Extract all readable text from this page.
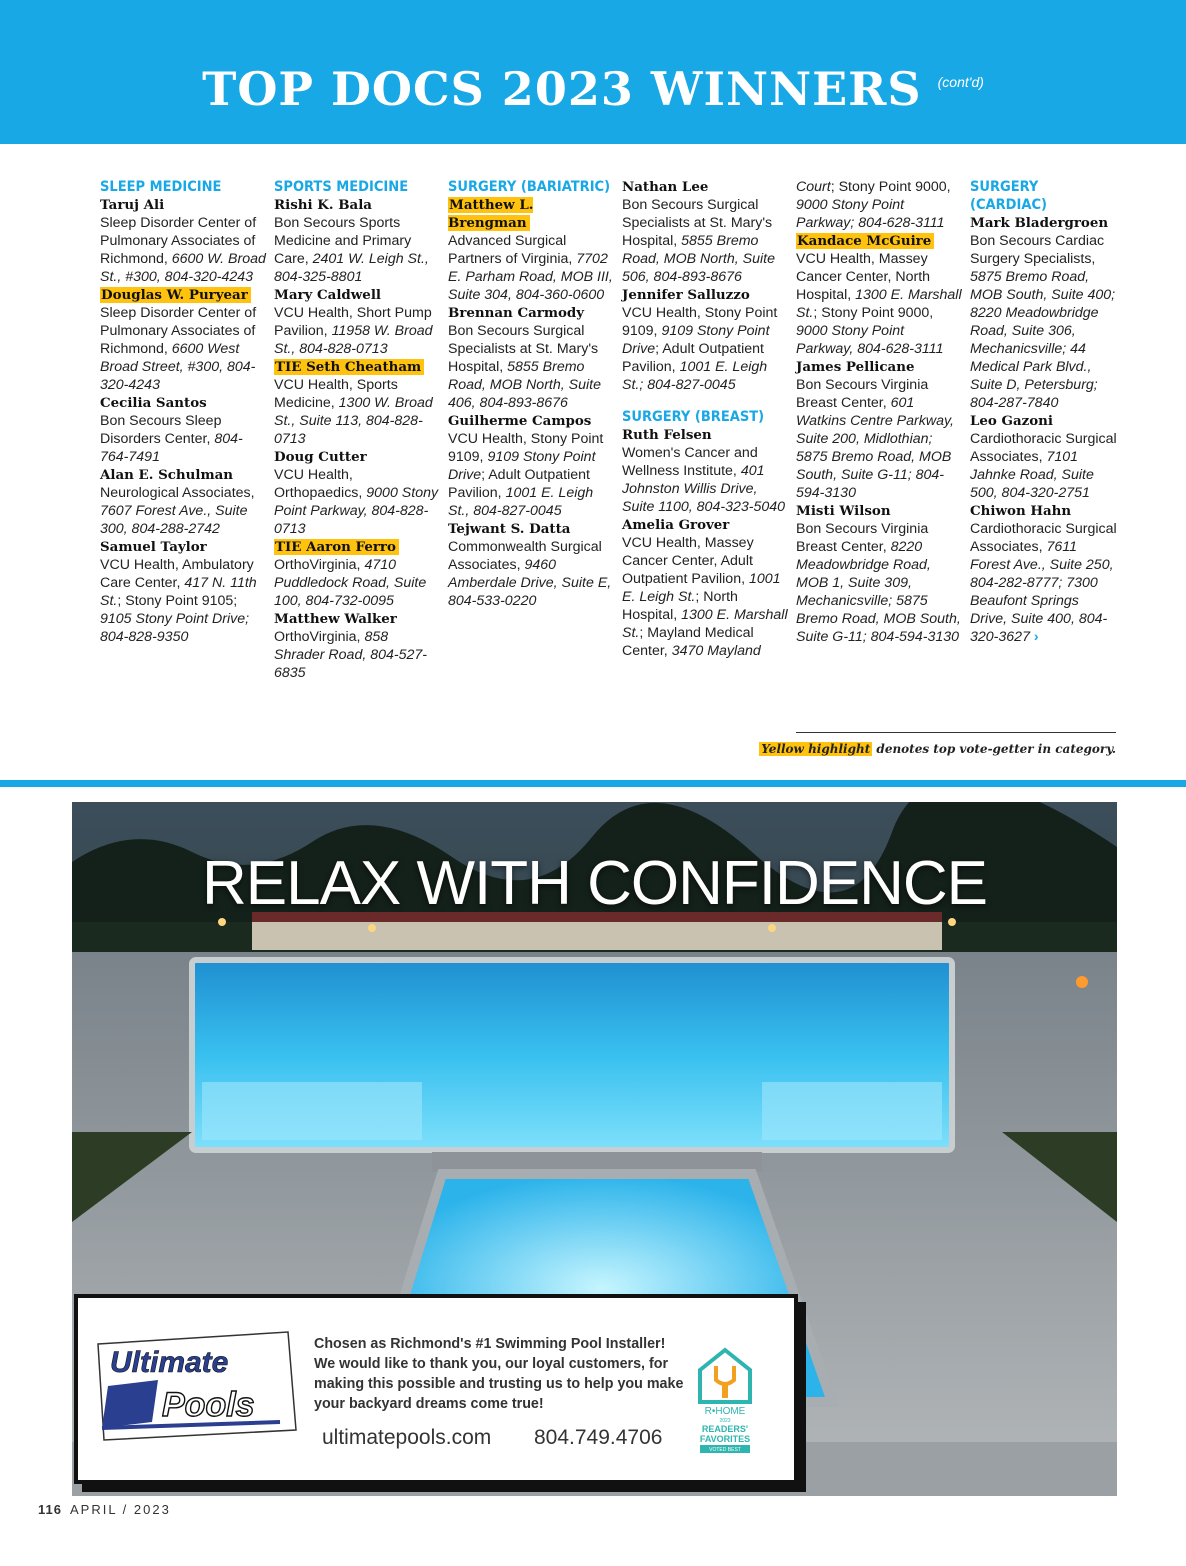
TOP DOCS 2023 WINNERS $^{(cont'd)}$
SLEEP MEDICINE
Taruj Ali
Sleep Disorder Center of Pulmonary Associates of Richmond, 6600 W. Broad St., #300, 804-320-4243
Douglas W. Puryear
Sleep Disorder Center of Pulmonary Associates of Richmond, 6600 West Broad Street, #300, 804-320-4243
Cecilia Santos
Bon Secours Sleep Disorders Center, 804-764-7491
Alan E. Schulman
Neurological Associates, 7607 Forest Ave., Suite 300, 804-288-2742
Samuel Taylor
VCU Health, Ambulatory Care Center, 417 N. 11th St.; Stony Point 9105; 9105 Stony Point Drive; 804-828-9350
SPORTS MEDICINE
Rishi K. Bala
Bon Secours Sports Medicine and Primary Care, 2401 W. Leigh St., 804-325-8801
Mary Caldwell
VCU Health, Short Pump Pavilion, 11958 W. Broad St., 804-828-0713
TIE Seth Cheatham
VCU Health, Sports Medicine, 1300 W. Broad St., Suite 113, 804-828-0713
Doug Cutter
VCU Health, Orthopaedics, 9000 Stony Point Parkway, 804-828-0713
TIE Aaron Ferro
OrthoVirginia, 4710 Puddledock Road, Suite 100, 804-732-0095
Matthew Walker
OrthoVirginia, 858 Shrader Road, 804-527-6835
SURGERY (BARIATRIC)
Matthew L. Brengman
Advanced Surgical Partners of Virginia, 7702 E. Parham Road, MOB III, Suite 304, 804-360-0600
Brennan Carmody
Bon Secours Surgical Specialists at St. Mary's Hospital, 5855 Bremo Road, MOB North, Suite 406, 804-893-8676
Guilherme Campos
VCU Health, Stony Point 9109, 9109 Stony Point Drive; Adult Outpatient Pavilion, 1001 E. Leigh St., 804-827-0045
Tejwant S. Datta
Commonwealth Surgical Associates, 9460 Amberdale Drive, Suite E, 804-533-0220
Nathan Lee
Bon Secours Surgical Specialists at St. Mary's Hospital, 5855 Bremo Road, MOB North, Suite 506, 804-893-8676
Jennifer Salluzzo
VCU Health, Stony Point 9109, 9109 Stony Point Drive; Adult Outpatient Pavilion, 1001 E. Leigh St.; 804-827-0045
SURGERY (BREAST)
Ruth Felsen
Women's Cancer and Wellness Institute, 401 Johnston Willis Drive, Suite 1100, 804-323-5040
Amelia Grover
VCU Health, Massey Cancer Center, Adult Outpatient Pavilion, 1001 E. Leigh St.; North Hospital, 1300 E. Marshall St.; Mayland Medical Center, 3470 Mayland
Court; Stony Point 9000, 9000 Stony Point Parkway; 804-628-3111
Kandace McGuire
VCU Health, Massey Cancer Center, North Hospital, 1300 E. Marshall St.; Stony Point 9000, 9000 Stony Point Parkway, 804-628-3111
James Pellicane
Bon Secours Virginia Breast Center, 601 Watkins Centre Parkway, Suite 200, Midlothian; 5875 Bremo Road, MOB South, Suite G-11; 804-594-3130
Misti Wilson
Bon Secours Virginia Breast Center, 8220 Meadowbridge Road, MOB 1, Suite 309, Mechanicsville; 5875 Bremo Road, MOB South, Suite G-11; 804-594-3130
SURGERY (CARDIAC)
Mark Bladergroen
Bon Secours Cardiac Surgery Specialists, 5875 Bremo Road, MOB South, Suite 400; 8220 Meadowbridge Road, Suite 306, Mechanicsville; 44 Medical Park Blvd., Suite D, Petersburg; 804-287-7840
Leo Gazoni
Cardiothoracic Surgical Associates, 7101 Jahnke Road, Suite 500, 804-320-2751
Chiwon Hahn
Cardiothoracic Surgical Associates, 7611 Forest Ave., Suite 250, 804-282-8777; 7300 Beaufont Springs Drive, Suite 400, 804-320-3627 ›
Yellow highlight denotes top vote-getter in category.
RELAX WITH CONFIDENCE
Ultimate
Pools
Chosen as Richmond's #1 Swimming Pool Installer! We would like to thank you, our loyal customers, for making this possible and trusting us to help you make your backyard dreams come true!
ultimatepools.com 804.749.4706
R•HOME
2023
READERS'
FAVORITES
VOTED BEST
116 APRIL / 2023
